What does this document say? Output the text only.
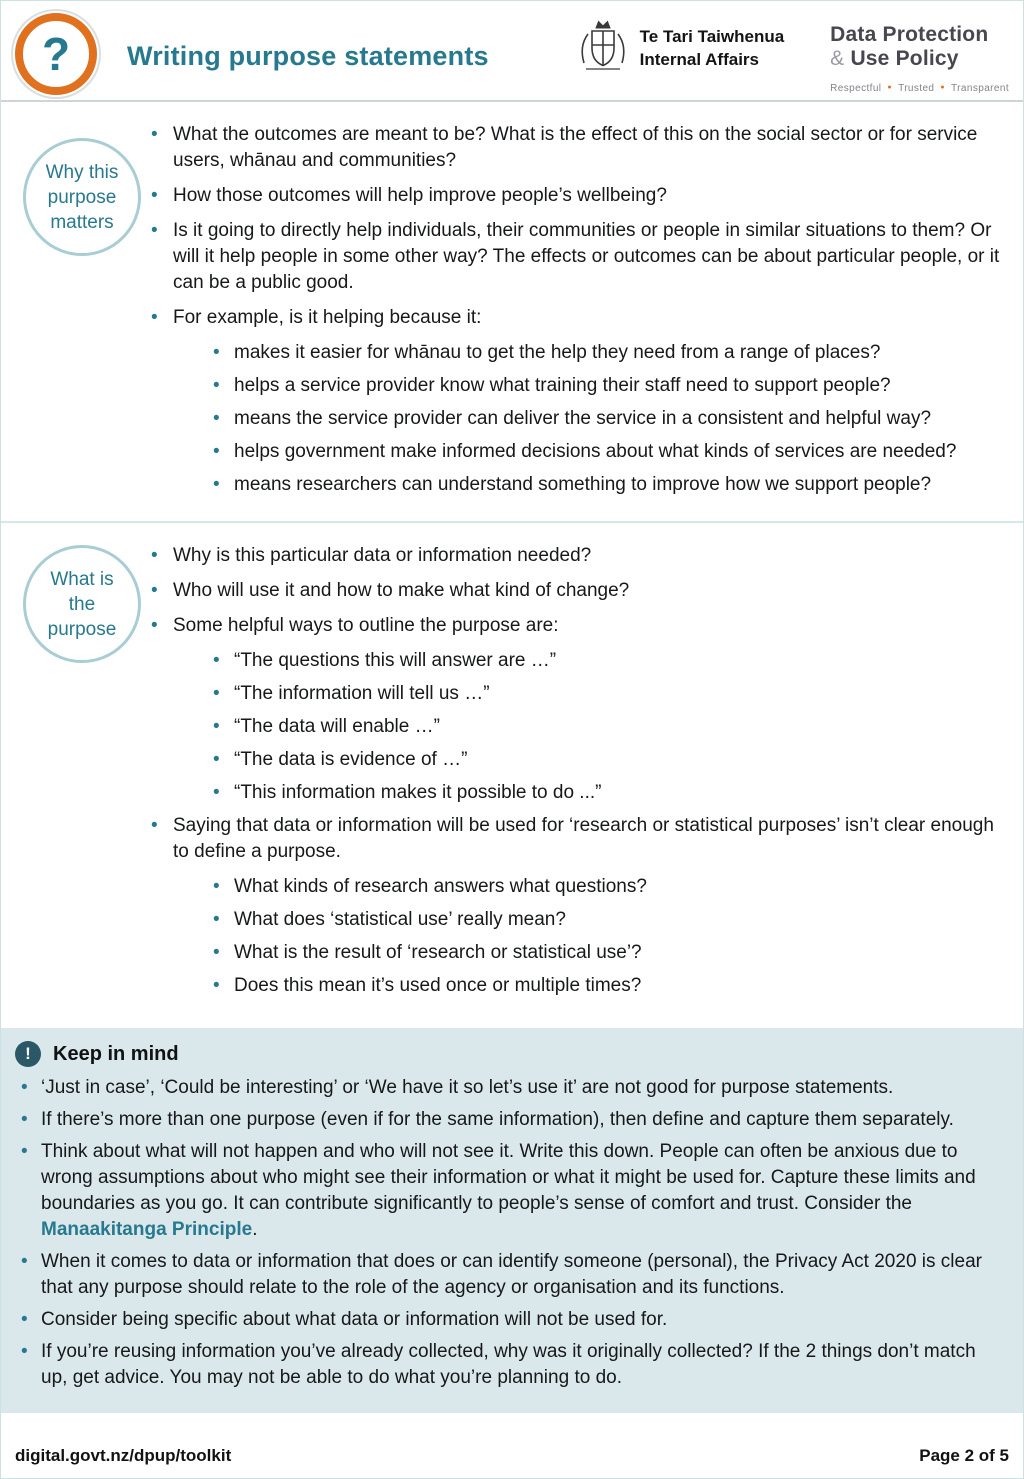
? Writing purpose statements
Te Tari Taiwhenua
Internal Affairs
Data Protection
& Use Policy
Respectful ● Trusted ● Transparent
Why this
purpose
matters
• What the outcomes are meant to be? What is the effect of this on the social sector or for service users, whānau and communities?
• How those outcomes will help improve people’s wellbeing?
• Is it going to directly help individuals, their communities or people in similar situations to them? Or will it help people in some other way? The effects or outcomes can be about particular people, or it can be a public good.
• For example, is it helping because it:
• makes it easier for whānau to get the help they need from a range of places?
• helps a service provider know what training their staff need to support people?
• means the service provider can deliver the service in a consistent and helpful way?
• helps government make informed decisions about what kinds of services are needed?
• means researchers can understand something to improve how we support people?
What is
the
purpose
• Why is this particular data or information needed?
• Who will use it and how to make what kind of change?
• Some helpful ways to outline the purpose are:
• “The questions this will answer are …”
• “The information will tell us …”
• “The data will enable …”
• “The data is evidence of …”
• “This information makes it possible to do ...”
• Saying that data or information will be used for ‘research or statistical purposes’ isn’t clear enough to define a purpose.
• What kinds of research answers what questions?
• What does ‘statistical use’ really mean?
• What is the result of ‘research or statistical use’?
• Does this mean it’s used once or multiple times?
!	Keep in mind
• ‘Just in case’, ‘Could be interesting’ or ‘We have it so let’s use it’ are not good for purpose statements.
• If there’s more than one purpose (even if for the same information), then define and capture them separately.
• Think about what will not happen and who will not see it. Write this down. People can often be anxious due to wrong assumptions about who might see their information or what it might be used for. Capture these limits and boundaries as you go. It can contribute significantly to people’s sense of comfort and trust. Consider the Manaakitanga Principle.
• When it comes to data or information that does or can identify someone (personal), the Privacy Act 2020 is clear that any purpose should relate to the role of the agency or organisation and its functions.
• Consider being specific about what data or information will not be used for.
• If you’re reusing information you’ve already collected, why was it originally collected? If the 2 things don’t match up, get advice. You may not be able to do what you’re planning to do.
digital.govt.nz/dpup/toolkit	Page 2 of 5
